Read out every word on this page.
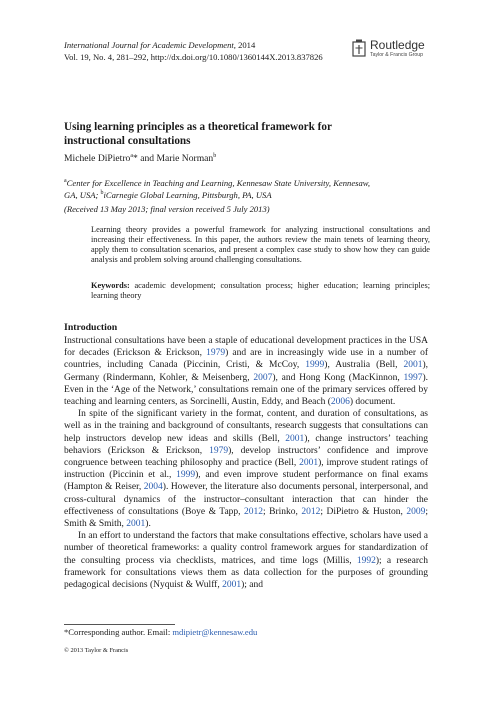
International Journal for Academic Development, 2014
Vol. 19, No. 4, 281–292, http://dx.doi.org/10.1080/1360144X.2013.837826
Routledge
Taylor & Francis Group
Using learning principles as a theoretical framework for
instructional consultations
Michele DiPietro$^a$* and Marie Norman$^b$
$^a$Center for Excellence in Teaching and Learning, Kennesaw State University, Kennesaw,
GA, USA; $^b$iCarnegie Global Learning, Pittsburgh, PA, USA
(Received 13 May 2013; final version received 5 July 2013)

Learning theory provides a powerful framework for analyzing instructional consultations and increasing their effectiveness. In this paper, the authors review the main tenets of learning theory, apply them to consultation scenarios, and present a complex case study to show how they can guide analysis and problem solving around challenging consultations.

Keywords: academic development; consultation process; higher education; learning principles; learning theory
Introduction

Instructional consultations have been a staple of educational development practices in the USA for decades (Erickson & Erickson, 1979) and are in increasingly wide use in a number of countries, including Canada (Piccinin, Cristi, & McCoy, 1999), Australia (Bell, 2001), Germany (Rindermann, Kohler, & Meisenberg, 2007), and Hong Kong (MacKinnon, 1997). Even in the ‘Age of the Network,’ consultations remain one of the primary services offered by teaching and learning centers, as Sorcinelli, Austin, Eddy, and Beach (2006) document.

In spite of the significant variety in the format, content, and duration of consultations, as well as in the training and background of consultants, research suggests that consultations can help instructors develop new ideas and skills (Bell, 2001), change instructors’ teaching behaviors (Erickson & Erickson, 1979), develop instructors’ confidence and improve congruence between teaching philosophy and practice (Bell, 2001), improve student ratings of instruction (Piccinin et al., 1999), and even improve student performance on final exams (Hampton & Reiser, 2004). However, the literature also documents personal, interpersonal, and cross-cultural dynamics of the instructor–consultant interaction that can hinder the effectiveness of consultations (Boye & Tapp, 2012; Brinko, 2012; DiPietro & Huston, 2009; Smith & Smith, 2001).

In an effort to understand the factors that make consultations effective, scholars have used a number of theoretical frameworks: a quality control framework argues for standardization of the consulting process via checklists, matrices, and time logs (Millis, 1992); a research framework for consultations views them as data collection for the purposes of grounding pedagogical decisions (Nyquist & Wulff, 2001); and

*Corresponding author. Email: mdipietr@kennesaw.edu
© 2013 Taylor & Francis
